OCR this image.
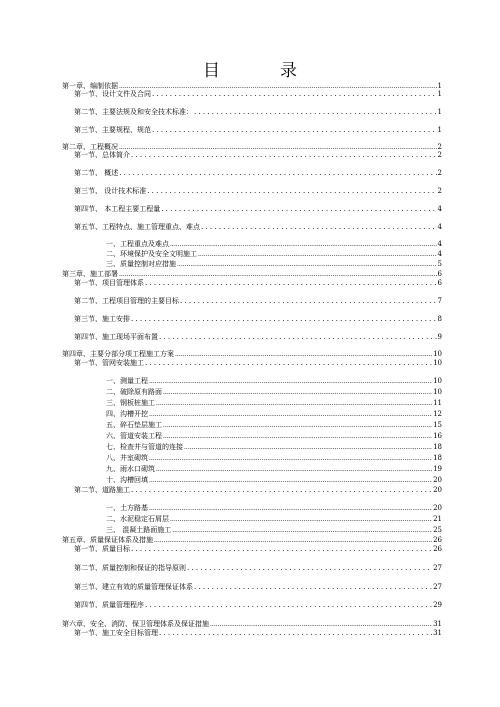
目	录
第一章、编制依据 .....	1
第一节、设计文件及合同 . . .	1
第二节、主要法规及和安全技术标准： . . .	1
第三节、主要规程、规范 . . .	1
第二章、工程概况 .....	2
第一节、总体简介 . . .	2
第二节、 概述 . . .	2
第三节、 设计技术标准 . . .	2
第四节、 本工程主要工程量 . . .	4
第五节、工程特点、施工管理重点、难点 . . .	4
一、工程重点及难点 .....	4
二、环境保护及安全文明施工 .....	4
三、质量控制对应措施 .....	5
第三章、施工部署 .....	6
第一节、项目管理体系 . . .	6
第二节、工程项目管理的主要目标 . . .	7
第三节、施工安排 . . .	8
第四节、施工现场平面布置 . . .	9
第四章、主要分部分项工程施工方案 .....	10
第一节、管网安装施工 . . .	10
一、测量工程 .....	10
二、破除原有路面 .....	10
三、钢板桩施工 .....	11
四、沟槽开挖 .....	12
五、碎石垫层施工 .....	15
六、管道安装工程 .....	16
七、检查井与管道的连接 .....	18
八、井室砌筑 .....	18
九、雨水口砌筑 .....	19
十、沟槽回填 .....	20
第二节、道路施工 . . .	20
一、土方路基 .....	20
二、水泥稳定石屑层 .....	21
三、 混凝土路面施工 .....	25
第五章、质量保证体系及措施 .....	26
第一节、质量目标 . . .	26
第二节、质量控制和保证的指导原则 . . .	27
第三节、建立有效的质量管理保证体系 . . .	27
第四节、质量管理程序 . . .	29
第六章、安全、消防、保卫管理体系及保证措施 .....	31
第一节、施工安全目标管理 . . .	31
